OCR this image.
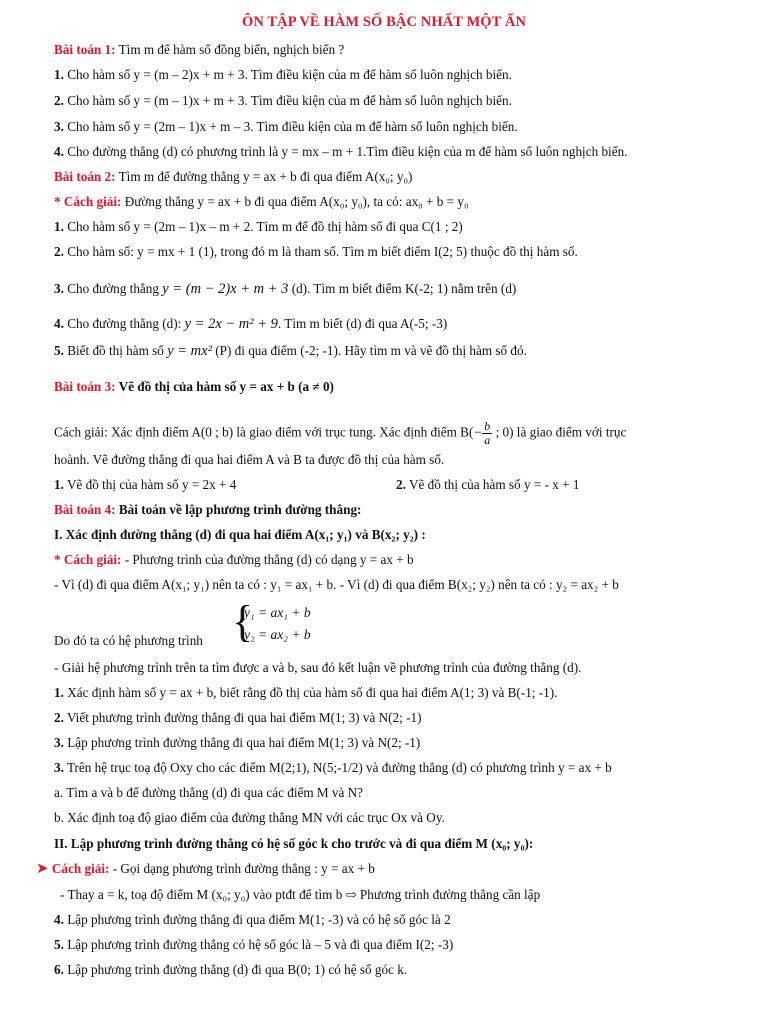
ÔN TẬP VỀ HÀM SỐ BẬC NHẤT MỘT ẨN
Bài toán 1: Tìm m để hàm số đồng biến, nghịch biến ?
1. Cho hàm số y = (m – 2)x + m + 3. Tìm điều kiện của m để hàm số luôn nghịch biến.
2. Cho hàm số y = (m – 1)x + m + 3. Tìm điều kiện của m để hàm số luôn nghịch biến.
3. Cho hàm số y = (2m – 1)x + m – 3. Tìm điều kiện của m để hàm số luôn nghịch biến.
4. Cho đường thẳng (d) có phương trình là y = mx – m + 1.Tìm điều kiện của m để hàm số luôn nghịch biến.
Bài toán 2: Tìm m để đường thẳng y = ax + b đi qua điểm A(x₀; y₀)
* Cách giải: Đường thẳng y = ax + b đi qua điểm A(x₀; y₀), ta có: ax₀ + b = y₀
1. Cho hàm số y = (2m – 1)x – m + 2. Tìm m để đồ thị hàm số đi qua C(1 ; 2)
2. Cho hàm số: y = mx + 1 (1), trong đó m là tham số. Tìm m biết điểm I(2; 5) thuộc đồ thị hàm số.
3. Cho đường thẳng y = (m − 2)x + m + 3 (d). Tìm m biết điểm K(-2; 1) nằm trên (d)
4. Cho đường thẳng (d): y = 2x − m² + 9. Tìm m biết (d) đi qua A(-5; -3)
5. Biết đồ thị hàm số y = mx² (P) đi qua điểm (-2; -1). Hãy tìm m và vẽ đồ thị hàm số đó.
Bài toán 3: Vẽ đồ thị của hàm số y = ax + b (a ≠ 0)
Cách giải: Xác định điểm A(0 ; b) là giao điểm với trục tung. Xác định điểm $B(- \frac{b}{a}$ ; 0) là giao điểm với trục
hoành. Vẽ đường thẳng đi qua hai điểm A và B ta được đồ thị của hàm số.
1. Vẽ đồ thị của hàm số y = 2x + 4	2. Vẽ đồ thị của hàm số y = - x + 1
Bài toán 4: Bài toán về lập phương trình đường thẳng:
I. Xác định đường thẳng (d) đi qua hai điểm A(x₁; y₁) và B(x₂; y₂) :
* Cách giải: - Phương trình của đường thẳng (d) có dạng y = ax + b
- Vì (d) đi qua điểm A(x₁; y₁) nên ta có : y₁ = ax₁ + b. - Vì (d) đi qua điểm B(x₂; y₂) nên ta có : y₂ = ax₂ + b
Do đó ta có hệ phương trình {
y₁ = ax₁ + b
y₂ = ax₂ + b
- Giải hệ phương trình trên ta tìm được a và b, sau đó kết luận về phương trình của đường thẳng (d).
1. Xác định hàm số y = ax + b, biết rằng đồ thị của hàm số đi qua hai điểm A(1; 3) và B(-1; -1).
2. Viết phương trình đường thẳng đi qua hai điểm M(1; 3) và N(2; -1)
3. Lập phương trình đường thẳng đi qua hai điểm M(1; 3) và N(2; -1)
3. Trên hệ trục toạ độ Oxy cho các điểm M(2;1), N(5;-1/2) và đường thẳng (d) có phương trình y = ax + b
a. Tìm a và b để đường thẳng (d) đi qua các điểm M và N?
b. Xác định toạ độ giao điểm của đường thẳng MN với các trục Ox và Oy.
II. Lập phương trình đường thẳng có hệ số góc k cho trước và đi qua điểm M (x₀; y₀):
➤ Cách giải: - Gọi dạng phương trình đường thẳng : y = ax + b
- Thay a = k, toạ độ điểm M (x₀; y₀) vào ptđt để tìm b ⇨ Phương trình đường thẳng cần lập
4. Lập phương trình đường thẳng đi qua điểm M(1; -3) và có hệ số góc là 2
5. Lập phương trình đường thẳng có hệ số góc là – 5 và đi qua điểm I(2; -3)
6. Lập phương trình đường thẳng (d) đi qua B(0; 1) có hệ số góc k.
